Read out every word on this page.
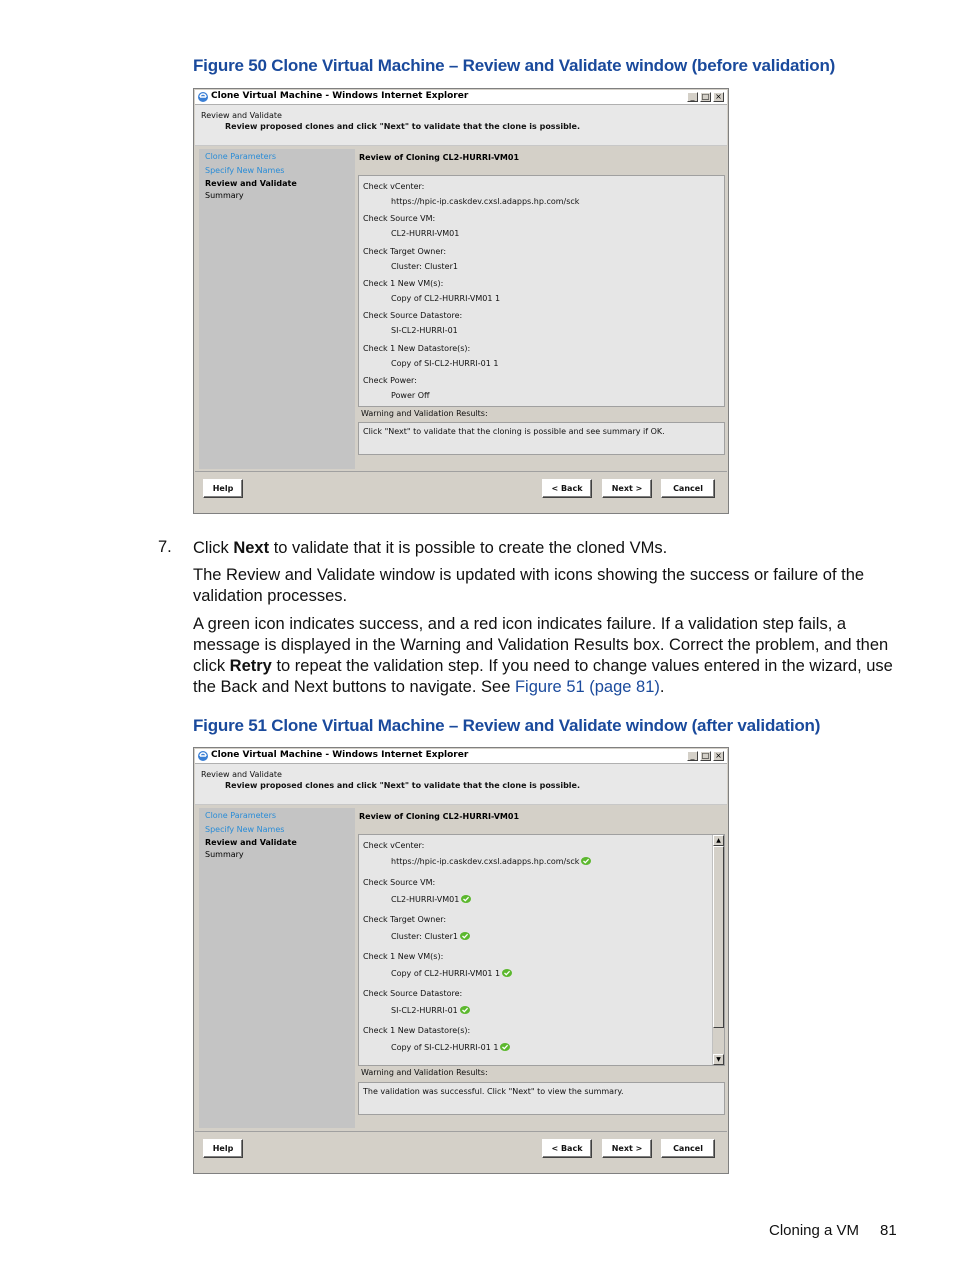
Figure 50 Clone Virtual Machine – Review and Validate window (before validation)
Clone Virtual Machine - Windows Internet Explorer	_ □ ×
Review and Validate
Review proposed clones and click "Next" to validate that the clone is possible.
Clone Parameters
Specify New Names
Review and Validate
Summary
Review of Cloning CL2-HURRI-VM01
Check vCenter:
https://hpic-ip.caskdev.cxsl.adapps.hp.com/sck
Check Source VM:
CL2-HURRI-VM01
Check Target Owner:
Cluster: Cluster1
Check 1 New VM(s):
Copy of CL2-HURRI-VM01 1
Check Source Datastore:
SI-CL2-HURRI-01
Check 1 New Datastore(s):
Copy of SI-CL2-HURRI-01 1
Check Power:
Power Off
Warning and Validation Results:
Click "Next" to validate that the cloning is possible and see summary if OK.
Help	< Back	Next >	Cancel
7. Click Next to validate that it is possible to create the cloned VMs.
The Review and Validate window is updated with icons showing the success or failure of the validation processes.
A green icon indicates success, and a red icon indicates failure. If a validation step fails, a message is displayed in the Warning and Validation Results box. Correct the problem, and then click Retry to repeat the validation step. If you need to change values entered in the wizard, use the Back and Next buttons to navigate. See Figure 51 (page 81).
Figure 51 Clone Virtual Machine – Review and Validate window (after validation)
Clone Virtual Machine - Windows Internet Explorer	_ □ ×
Review and Validate
Review proposed clones and click "Next" to validate that the clone is possible.
Clone Parameters
Specify New Names
Review and Validate
Summary
Review of Cloning CL2-HURRI-VM01
Check vCenter:
https://hpic-ip.caskdev.cxsl.adapps.hp.com/sck
Check Source VM:
CL2-HURRI-VM01
Check Target Owner:
Cluster: Cluster1
Check 1 New VM(s):
Copy of CL2-HURRI-VM01 1
Check Source Datastore:
SI-CL2-HURRI-01
Check 1 New Datastore(s):
Copy of SI-CL2-HURRI-01 1
▲
▼
Warning and Validation Results:
The validation was successful. Click "Next" to view the summary.
Help	< Back	Next >	Cancel
Cloning a VM 81
